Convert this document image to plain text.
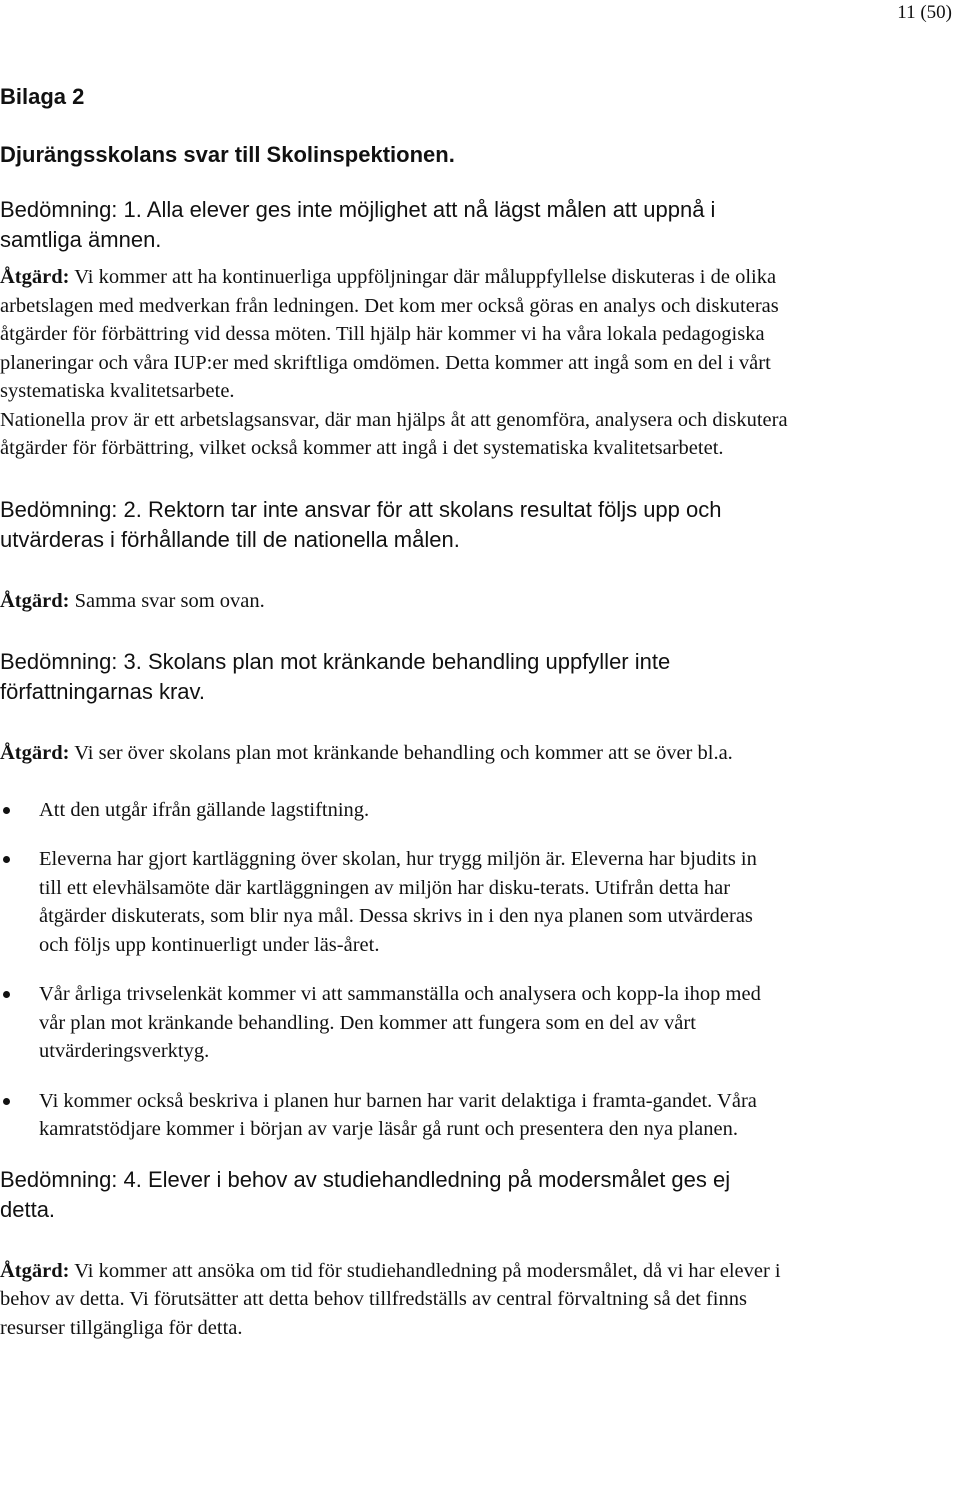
11 (50)

Bilaga 2

Djurängsskolans svar till Skolinspektionen.

Bedömning: 1. Alla elever ges inte möjlighet att nå lägst målen att uppnå i samtliga ämnen.

Åtgärd: Vi kommer att ha kontinuerliga uppföljningar där måluppfyllelse diskuteras i de olika arbetslagen med medverkan från ledningen. Det kom mer också göras en analys och diskuteras åtgärder för förbättring vid dessa möten. Till hjälp här kommer vi ha våra lokala pedagogiska planeringar och våra IUP:er med skriftliga omdömen. Detta kommer att ingå som en del i vårt systematiska kvalitetsarbete.

Nationella prov är ett arbetslagsansvar, där man hjälps åt att genomföra, analysera och diskutera åtgärder för förbättring, vilket också kommer att ingå i det systematiska kvalitetsarbetet.

Bedömning: 2. Rektorn tar inte ansvar för att skolans resultat följs upp och utvärderas i förhållande till de nationella målen.

Åtgärd: Samma svar som ovan.

Bedömning: 3. Skolans plan mot kränkande behandling uppfyller inte författningarnas krav.

Åtgärd: Vi ser över skolans plan mot kränkande behandling och kommer att se över bl.a.

Att den utgår ifrån gällande lagstiftning.
Eleverna har gjort kartläggning över skolan, hur trygg miljön är. Eleverna har bjudits in till ett elevhälsamöte där kartläggningen av miljön har disku-terats. Utifrån detta har åtgärder diskuterats, som blir nya mål. Dessa skrivs in i den nya planen som utvärderas och följs upp kontinuerligt under läs-året.
Vår årliga trivselenkät kommer vi att sammanställa och analysera och kopp-la ihop med vår plan mot kränkande behandling. Den kommer att fungera som en del av vårt utvärderingsverktyg.
Vi kommer också beskriva i planen hur barnen har varit delaktiga i framta-gandet. Våra kamratstödjare kommer i början av varje läsår gå runt och presentera den nya planen.

Bedömning: 4. Elever i behov av studiehandledning på modersmålet ges ej detta.

Åtgärd: Vi kommer att ansöka om tid för studiehandledning på modersmålet, då vi har elever i behov av detta. Vi förutsätter att detta behov tillfredställs av central förvaltning så det finns resurser tillgängliga för detta.
